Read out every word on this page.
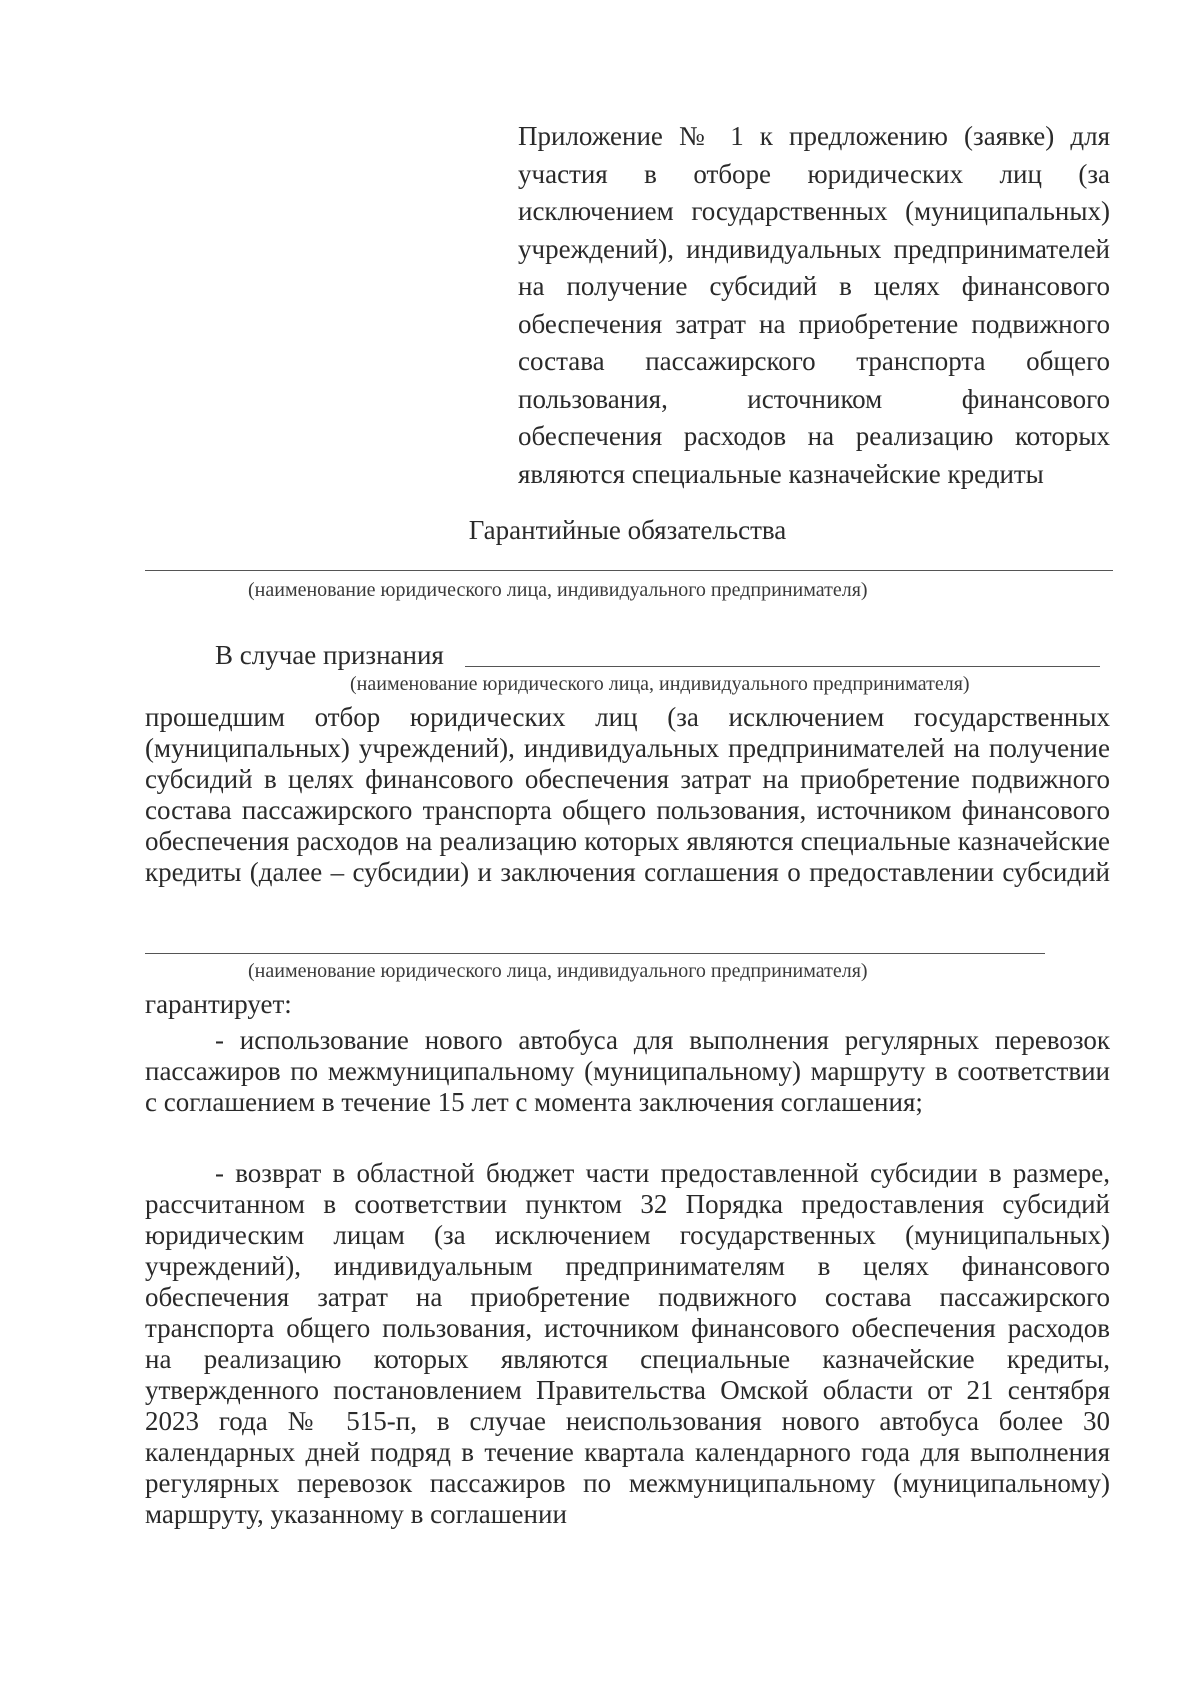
Приложение № 1 к предложению (заявке) для участия в отборе юридических лиц (за исключением государственных (муниципальных) учреждений), индивидуальных предпринимателей на получение субсидий в целях финансового обеспечения затрат на приобретение подвижного состава пассажирского транспорта общего пользования, источником финансового обеспечения расходов на реализацию которых являются специальные казначейские кредиты
Гарантийные обязательства
(наименование юридического лица, индивидуального предпринимателя)
В случае признания
(наименование юридического лица, индивидуального предпринимателя)
прошедшим отбор юридических лиц (за исключением государственных (муниципальных) учреждений), индивидуальных предпринимателей на получение субсидий в целях финансового обеспечения затрат на приобретение подвижного состава пассажирского транспорта общего пользования, источником финансового обеспечения расходов на реализацию которых являются специальные казначейские кредиты (далее – субсидии) и заключения соглашения о предоставлении субсидий
(наименование юридического лица, индивидуального предпринимателя)
гарантирует:
- использование нового автобуса для выполнения регулярных перевозок пассажиров по межмуниципальному (муниципальному) маршруту в соответствии с соглашением в течение 15 лет с момента заключения соглашения;
- возврат в областной бюджет части предоставленной субсидии в размере, рассчитанном в соответствии пунктом 32 Порядка предоставления субсидий юридическим лицам (за исключением государственных (муниципальных) учреждений), индивидуальным предпринимателям в целях финансового обеспечения затрат на приобретение подвижного состава пассажирского транспорта общего пользования, источником финансового обеспечения расходов на реализацию которых являются специальные казначейские кредиты, утвержденного постановлением Правительства Омской области от 21 сентября 2023 года № 515-п, в случае неиспользования нового автобуса более 30 календарных дней подряд в течение квартала календарного года для выполнения регулярных перевозок пассажиров по межмуниципальному (муниципальному) маршруту, указанному в соглашении
